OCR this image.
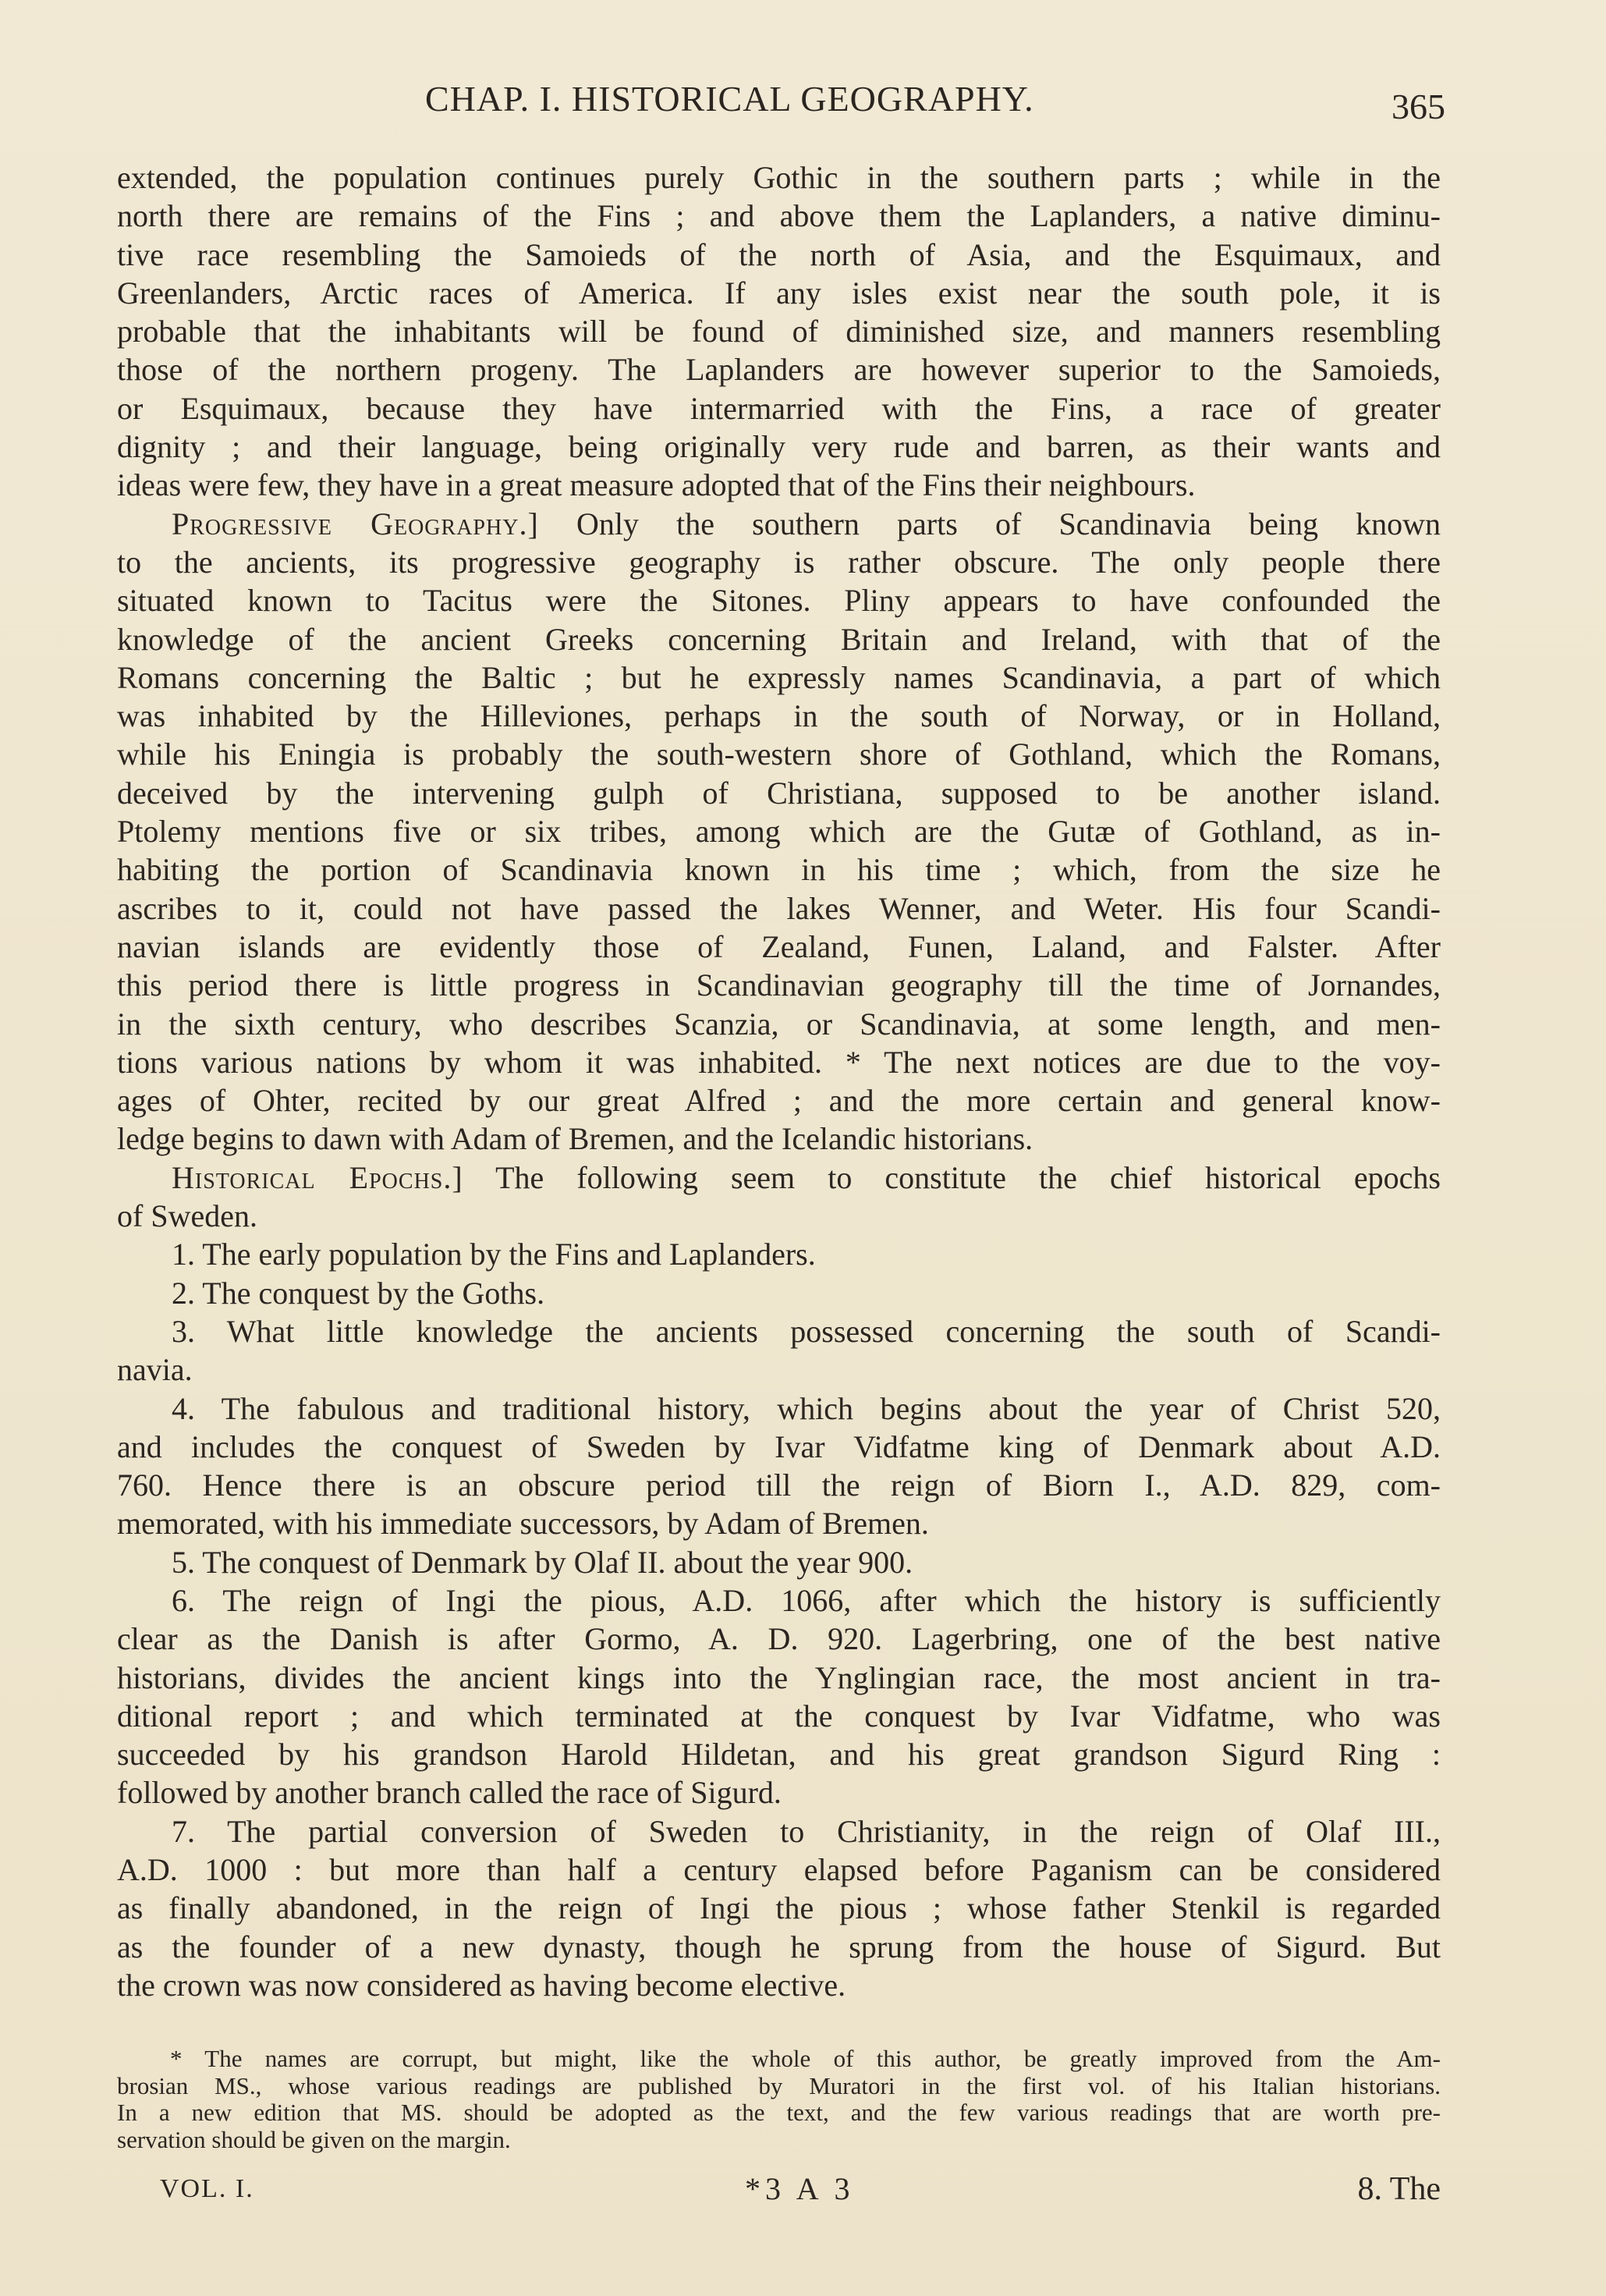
CHAP. I. HISTORICAL GEOGRAPHY.	365
extended, the population continues purely Gothic in the southern parts ; while in the
north there are remains of the Fins ; and above them the Laplanders, a native diminu-
tive race resembling the Samoieds of the north of Asia, and the Esquimaux, and
Greenlanders, Arctic races of America. If any isles exist near the south pole, it is
probable that the inhabitants will be found of diminished size, and manners resembling
those of the northern progeny. The Laplanders are however superior to the Samoieds,
or Esquimaux, because they have intermarried with the Fins, a race of greater
dignity ; and their language, being originally very rude and barren, as their wants and
ideas were few, they have in a great measure adopted that of the Fins their neighbours.
Progressive Geography.] Only the southern parts of Scandinavia being known
to the ancients, its progressive geography is rather obscure. The only people there
situated known to Tacitus were the Sitones. Pliny appears to have confounded the
knowledge of the ancient Greeks concerning Britain and Ireland, with that of the
Romans concerning the Baltic ; but he expressly names Scandinavia, a part of which
was inhabited by the Hilleviones, perhaps in the south of Norway, or in Holland,
while his Eningia is probably the south-western shore of Gothland, which the Romans,
deceived by the intervening gulph of Christiana, supposed to be another island.
Ptolemy mentions five or six tribes, among which are the Gutæ of Gothland, as in-
habiting the portion of Scandinavia known in his time ; which, from the size he
ascribes to it, could not have passed the lakes Wenner, and Weter. His four Scandi-
navian islands are evidently those of Zealand, Funen, Laland, and Falster. After
this period there is little progress in Scandinavian geography till the time of Jornandes,
in the sixth century, who describes Scanzia, or Scandinavia, at some length, and men-
tions various nations by whom it was inhabited. * The next notices are due to the voy-
ages of Ohter, recited by our great Alfred ; and the more certain and general know-
ledge begins to dawn with Adam of Bremen, and the Icelandic historians.
Historical Epochs.] The following seem to constitute the chief historical epochs
of Sweden.
1. The early population by the Fins and Laplanders.
2. The conquest by the Goths.
3. What little knowledge the ancients possessed concerning the south of Scandi-
navia.
4. The fabulous and traditional history, which begins about the year of Christ 520,
and includes the conquest of Sweden by Ivar Vidfatme king of Denmark about A.D.
760. Hence there is an obscure period till the reign of Biorn I., A.D. 829, com-
memorated, with his immediate successors, by Adam of Bremen.
5. The conquest of Denmark by Olaf II. about the year 900.
6. The reign of Ingi the pious, A.D. 1066, after which the history is sufficiently
clear as the Danish is after Gormo, A. D. 920. Lagerbring, one of the best native
historians, divides the ancient kings into the Ynglingian race, the most ancient in tra-
ditional report ; and which terminated at the conquest by Ivar Vidfatme, who was
succeeded by his grandson Harold Hildetan, and his great grandson Sigurd Ring :
followed by another branch called the race of Sigurd.
7. The partial conversion of Sweden to Christianity, in the reign of Olaf III.,
A.D. 1000 : but more than half a century elapsed before Paganism can be considered
as finally abandoned, in the reign of Ingi the pious ; whose father Stenkil is regarded
as the founder of a new dynasty, though he sprung from the house of Sigurd. But
the crown was now considered as having become elective.
* The names are corrupt, but might, like the whole of this author, be greatly improved from the Am-
brosian MS., whose various readings are published by Muratori in the first vol. of his Italian historians.
In a new edition that MS. should be adopted as the text, and the few various readings that are worth pre-
servation should be given on the margin.
VOL. I.	*3 A 3	8. The
